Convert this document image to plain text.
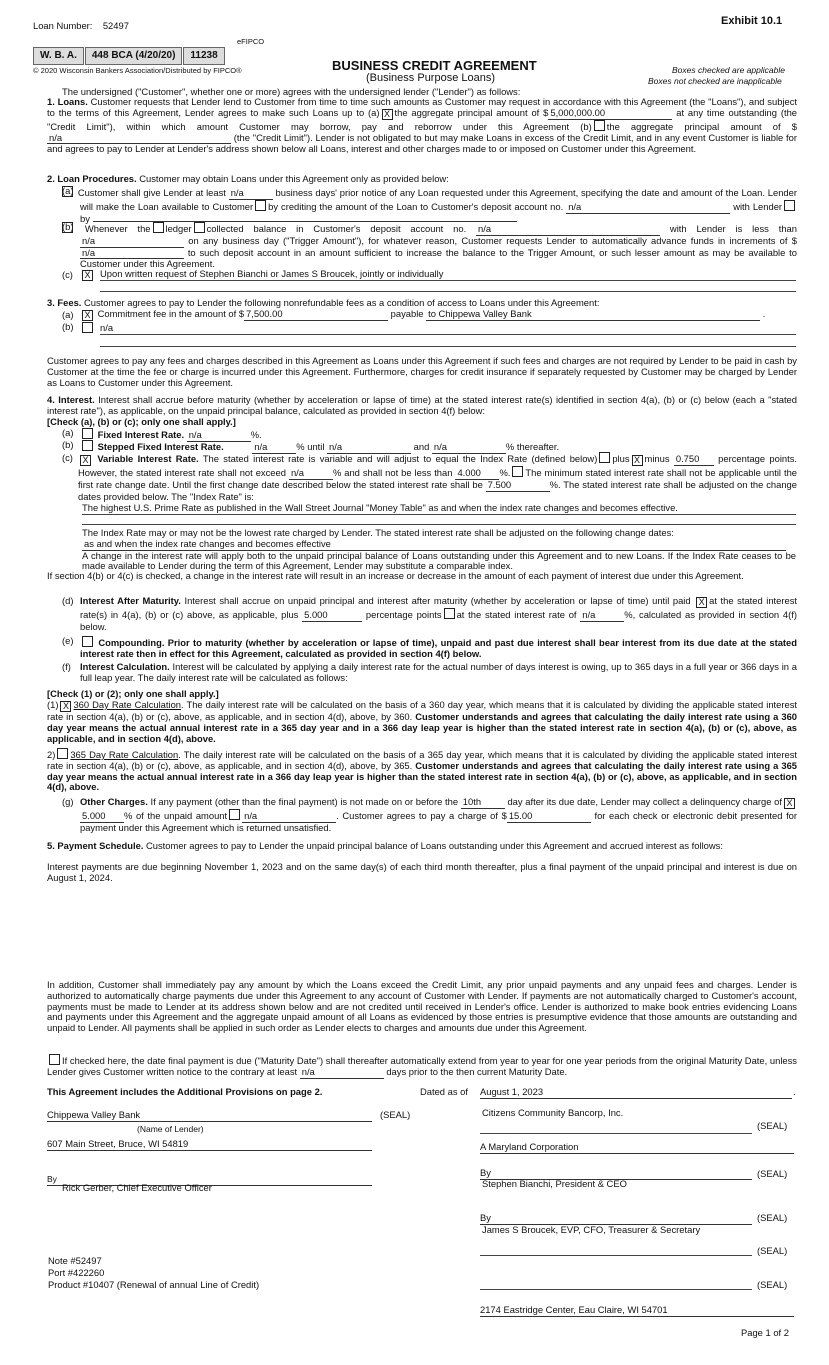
Loan Number: 52497	Exhibit 10.1
eFIPCO
W. B. A. 448 BCA (4/20/20) 11238
© 2020 Wisconsin Bankers Association/Distributed by FIPCO®	BUSINESS CREDIT AGREEMENT
(Business Purpose Loans)
Boxes checked are applicable
Boxes not checked are inapplicable
The undersigned ("Customer", whether one or more) agrees with the undersigned lender ("Lender") as follows:
1. Loans. Customer requests that Lender lend to Customer from time to time such amounts as Customer may request in accordance with this Agreement (the "Loans"), and subject to the terms of this Agreement, Lender agrees to make such Loans up to (a) X the aggregate principal amount of $ 5,000,000.00	at any time outstanding (the "Credit Limit"), within which amount Customer may borrow, pay and reborrow under this Agreement (b) the aggregate principal amount of $n/a	(the "Credit Limit"). Lender is not obligated to but may make Loans in excess of the Credit Limit, and in any event Customer is liable for and agrees to pay to Lender at Lender's address shown below all Loans, interest and other charges made to or imposed on Customer under this Agreement.
2. Loan Procedures. Customer may obtain Loans under this Agreement only as provided below:
(a) Customer shall give Lender at least n/a	business days' prior notice of any Loan requested under this Agreement, specifying the date and amount of the Loan. Lender will make the Loan available to Customer by crediting the amount of the Loan to Customer's deposit account no. n/a	with Lenderby
(b)	Whenever the ledger collected balance in Customer's deposit account no. n/a	with Lender is less than n/a	on any business day ("Trigger Amount"), for whatever reason, Customer requests Lender to automatically advance funds in increments of $ n/a	to such deposit account in an amount sufficient to increase the balance to the Trigger Amount, or such lesser amount as may be available to Customer under this Agreement.
(c)	X	Upon written request of Stephen Bianchi or James S Broucek, jointly or individually
3. Fees. Customer agrees to pay to Lender the following nonrefundable fees as a condition of access to Loans under this Agreement:
(a)	X Commitment fee in the amount of $ 7,500.00	payable to Chippewa Valley Bank	.
(b)	n/a
Customer agrees to pay any fees and charges described in this Agreement as Loans under this Agreement if such fees and charges are not required by Lender to be paid in cash by Customer at the time the fee or charge is incurred under this Agreement. Furthermore, charges for credit insurance if separately requested by Customer may be charged by Lender as Loans to Customer under this Agreement.
4. Interest. Interest shall accrue before maturity (whether by acceleration or lapse of time) at the stated interest rate(s) identified in section 4(a), (b) or (c) below (each a "stated interest rate"), as applicable, on the unpaid principal balance, calculated as provided in section 4(f) below:
[Check (a), (b) or (c); only one shall apply.]
(a)	Fixed Interest Rate. n/a	%.
(b)	Stepped Fixed Interest Rate.	n/a	% until n/a	and n/a	% thereafter.
(c)	X Variable Interest Rate. The stated interest rate is variable and will adjust to equal the Index Rate (defined below) plus X minus 0.750 percentage points. However, the stated interest rate shall not exceed n/a	% and shall not be less than 4.000 %. The minimum stated interest rate shall not be applicable until the first rate change date. Until the first change date described below the stated interest rate shall be 7.500	%. The stated interest rate shall be adjusted on the change dates provided below. The "Index Rate" is:
The highest U.S. Prime Rate as published in the Wall Street Journal "Money Table" as and when the index rate changes and becomes effective.
The Index Rate may or may not be the lowest rate charged by Lender. The stated interest rate shall be adjusted on the following change dates:
as and when the index rate changes and becomes effective
A change in the interest rate will apply both to the unpaid principal balance of Loans outstanding under this Agreement and to new Loans. If the Index Rate ceases to be made available to Lender during the term of this Agreement, Lender may substitute a comparable index.
If section 4(b) or 4(c) is checked, a change in the interest rate will result in an increase or decrease in the amount of each payment of interest due under this Agreement.
(d) Interest After Maturity. Interest shall accrue on unpaid principal and interest after maturity (whether by acceleration or lapse of time) until paid X at the stated interest rate(s) in 4(a), (b) or (c) above, as applicable, plus 5.000	percentage points at the stated interest rate of n/a	%, calculated as provided in section 4(f) below.
(e)	Compounding. Prior to maturity (whether by acceleration or lapse of time), unpaid and past due interest shall bear interest from its due date at the stated interest rate then in effect for this Agreement, calculated as provided in section 4(f) below.
(f) Interest Calculation. Interest will be calculated by applying a daily interest rate for the actual number of days interest is owing, up to 365 days in a full year or 366 days in a full leap year. The daily interest rate will be calculated as follows:
[Check (1) or (2); only one shall apply.]
(1) X 360 Day Rate Calculation. The daily interest rate will be calculated on the basis of a 360 day year, which means that it is calculated by dividing the applicable stated interest rate in section 4(a), (b) or (c), above, as applicable, and in section 4(d), above, by 360. Customer understands and agrees that calculating the daily interest rate using a 360 day year means the actual annual interest rate in a 365 day year and in a 366 day leap year is higher than the stated interest rate in section 4(a), (b) or (c), above, as applicable, and in section 4(d), above.
2) 365 Day Rate Calculation. The daily interest rate will be calculated on the basis of a 365 day year, which means that it is calculated by dividing the applicable stated interest rate in section 4(a), (b) or (c), above, as applicable, and in section 4(d), above, by 365. Customer understands and agrees that calculating the daily interest rate using a 365 day year means the actual annual interest rate in a 366 day leap year is higher than the stated interest rate in section 4(a), (b) or (c), above, as applicable, and in section 4(d), above.
(g) Other Charges. If any payment (other than the final payment) is not made on or before the 10th	day after its due date, Lender may collect a delinquency charge of X5.000 % of the unpaid amount n/a	. Customer agrees to pay a charge of $ 15.00	for each check or electronic debit presented for payment under this Agreement which is returned unsatisfied.
5. Payment Schedule. Customer agrees to pay to Lender the unpaid principal balance of Loans outstanding under this Agreement and accrued interest as follows:
Interest payments are due beginning November 1, 2023 and on the same day(s) of each third month thereafter, plus a final payment of the unpaid principal and interest is due on August 1, 2024.
In addition, Customer shall immediately pay any amount by which the Loans exceed the Credit Limit, any prior unpaid payments and any unpaid fees and charges. Lender is authorized to automatically charge payments due under this Agreement to any account of Customer with Lender. If payments are not automatically charged to Customer's account, payments must be made to Lender at its address shown below and are not credited until received in Lender's office. Lender is authorized to make book entries evidencing Loans and payments under this Agreement and the aggregate unpaid amount of all Loans as evidenced by those entries is presumptive evidence that those amounts are outstanding and unpaid to Lender. All payments shall be applied in such order as Lender elects to charges and amounts due under this Agreement.
If checked here, the date final payment is due ("Maturity Date") shall thereafter automatically extend from year to year for one year periods from the original Maturity Date, unless Lender gives Customer written notice to the contrary at least n/a	days prior to the then current Maturity Date.
This Agreement includes the Additional Provisions on page 2.	Dated as of August 1, 2023	.
Chippewa Valley Bank	(SEAL)
(Name of Lender)
607 Main Street, Bruce, WI 54819
By
Rick Gerber, Chief Executive Officer
Citizens Community Bancorp, Inc.
(SEAL)
A Maryland Corporation
By	(SEAL)
Stephen Bianchi, President & CEO
By	(SEAL)
James S Broucek, EVP, CFO, Treasurer & Secretary
(SEAL)
(SEAL)
Note #52497
Port #422260
Product #10407 (Renewal of annual Line of Credit)
2174 Eastridge Center, Eau Claire, WI 54701
Page 1 of 2
